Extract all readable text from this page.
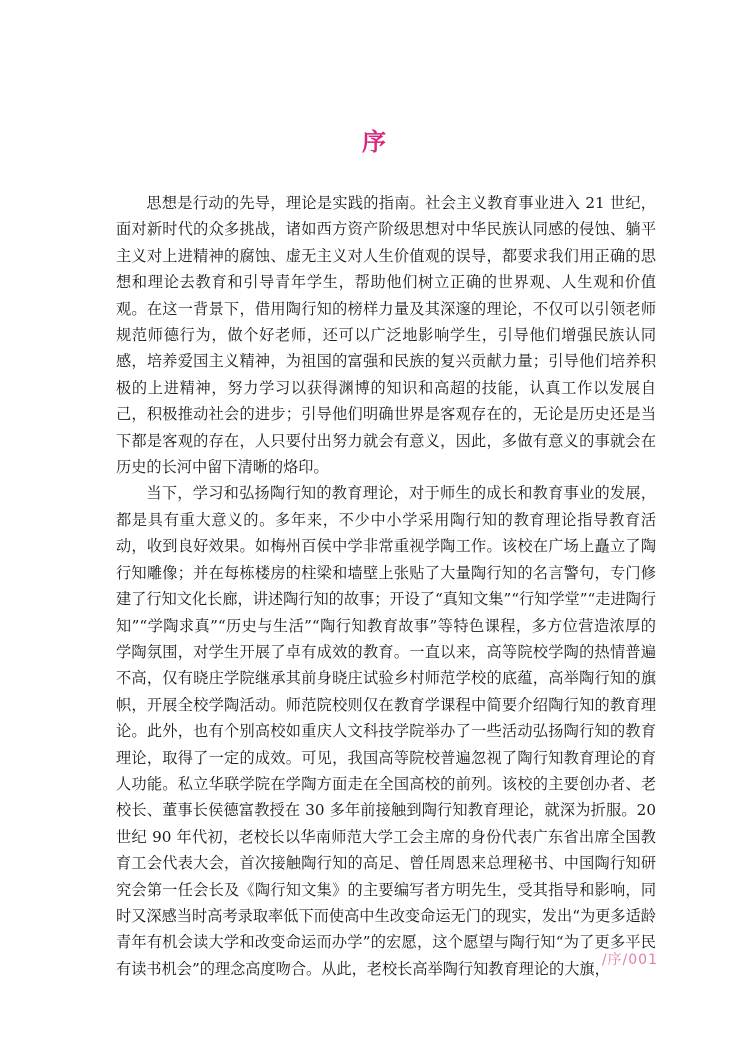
序

思想是行动的先导，理论是实践的指南。社会主义教育事业进入 21 世纪，面对新时代的众多挑战，诸如西方资产阶级思想对中华民族认同感的侵蚀、躺平主义对上进精神的腐蚀、虚无主义对人生价值观的误导，都要求我们用正确的思想和理论去教育和引导青年学生，帮助他们树立正确的世界观、人生观和价值观。在这一背景下，借用陶行知的榜样力量及其深邃的理论，不仅可以引领老师规范师德行为，做个好老师，还可以广泛地影响学生，引导他们增强民族认同感，培养爱国主义精神，为祖国的富强和民族的复兴贡献力量；引导他们培养积极的上进精神，努力学习以获得渊博的知识和高超的技能，认真工作以发展自己，积极推动社会的进步；引导他们明确世界是客观存在的，无论是历史还是当下都是客观的存在，人只要付出努力就会有意义，因此，多做有意义的事就会在历史的长河中留下清晰的烙印。

当下，学习和弘扬陶行知的教育理论，对于师生的成长和教育事业的发展，都是具有重大意义的。多年来，不少中小学采用陶行知的教育理论指导教育活动，收到良好效果。如梅州百侯中学非常重视学陶工作。该校在广场上矗立了陶行知雕像；并在每栋楼房的柱梁和墙壁上张贴了大量陶行知的名言警句，专门修建了行知文化长廊，讲述陶行知的故事；开设了“真知文集”“行知学堂”“走进陶行知”“学陶求真”“历史与生活”“陶行知教育故事”等特色课程，多方位营造浓厚的学陶氛围，对学生开展了卓有成效的教育。一直以来，高等院校学陶的热情普遍不高，仅有晓庄学院继承其前身晓庄试验乡村师范学校的底蕴，高举陶行知的旗帜，开展全校学陶活动。师范院校则仅在教育学课程中简要介绍陶行知的教育理论。此外，也有个别高校如重庆人文科技学院举办了一些活动弘扬陶行知的教育理论，取得了一定的成效。可见，我国高等院校普遍忽视了陶行知教育理论的育人功能。私立华联学院在学陶方面走在全国高校的前列。该校的主要创办者、老校长、董事长侯德富教授在 30 多年前接触到陶行知教育理论，就深为折服。20 世纪 90 年代初，老校长以华南师范大学工会主席的身份代表广东省出席全国教育工会代表大会，首次接触陶行知的高足、曾任周恩来总理秘书、中国陶行知研究会第一任会长及《陶行知文集》的主要编写者方明先生，受其指导和影响，同时又深感当时高考录取率低下而使高中生改变命运无门的现实，发出“为更多适龄青年有机会读大学和改变命运而办学”的宏愿，这个愿望与陶行知“为了更多平民有读书机会”的理念高度吻合。从此，老校长高举陶行知教育理论的大旗，

/序/001
